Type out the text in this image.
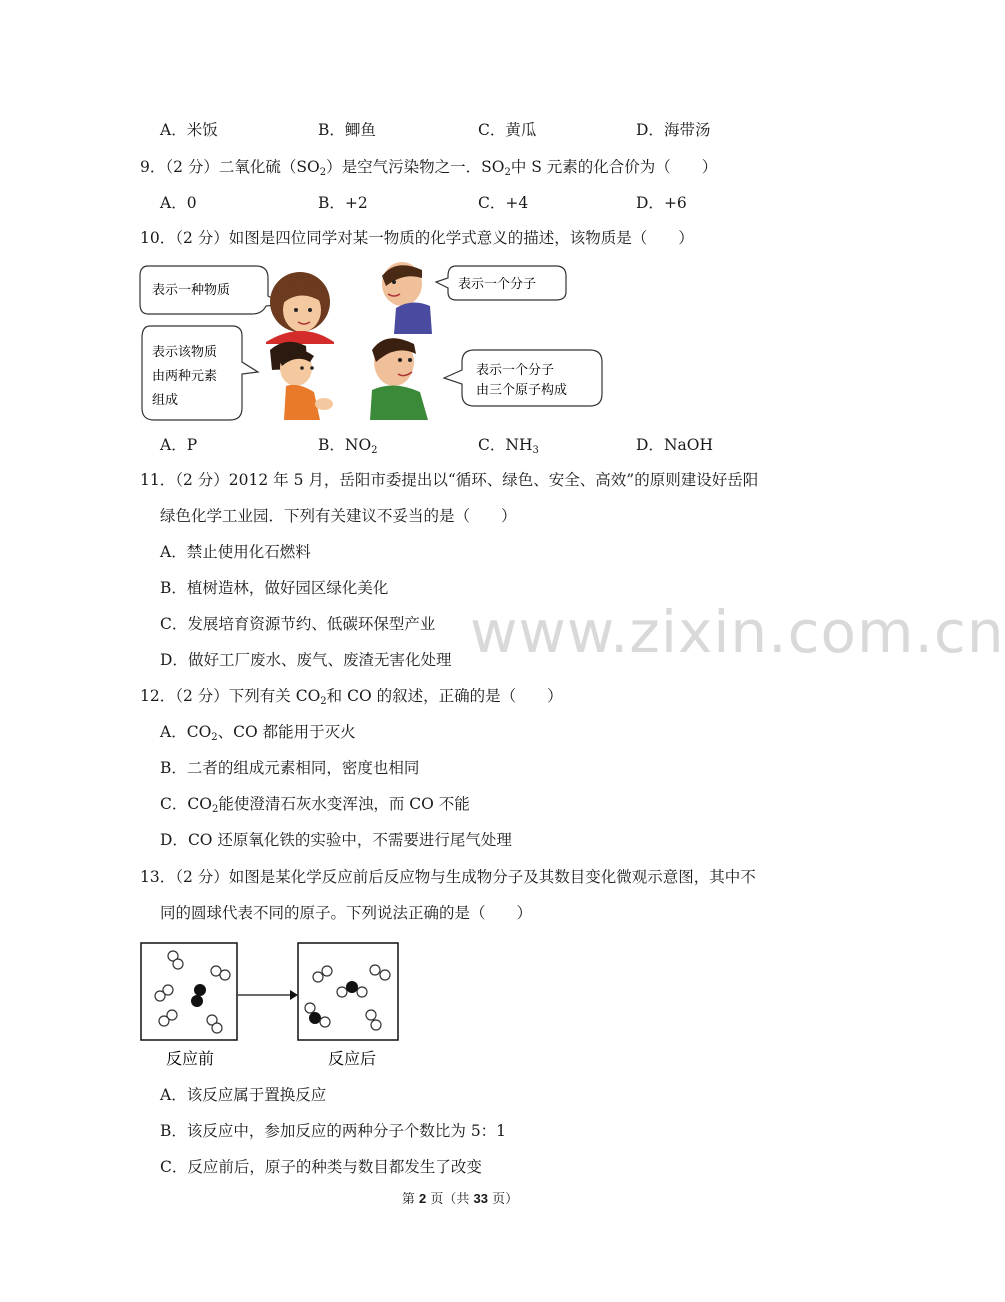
A．米饭	B．鲫鱼	C．黄瓜	D．海带汤
9．（2 分）二氧化硫$(SO_2)$是空气污染物之一．$SO_2$中 S 元素的化合价为（　　）
A．0	B．+2	C．+4	D．+6
10．（2 分）如图是四位同学对某一物质的化学式意义的描述，该物质是（　　）
表示一种物质	表示一个分子
表示该物质
由两种元素
组成
表示一个分子
由三个原子构成
A．P	B．$NO_2$	C．$NH_3$	D．NaOH
11．（2 分）2012 年 5 月，岳阳市委提出以“循环、绿色、安全、高效”的原则建设好岳阳
绿色化学工业园．下列有关建议不妥当的是（　　）
A．禁止使用化石燃料
B．植树造林，做好园区绿化美化
C．发展培育资源节约、低碳环保型产业
D．做好工厂废水、废气、废渣无害化处理 www.zixin.com.cn
12．（2 分）下列有关 $CO_2$和 CO 的叙述，正确的是（　　）
A．$CO_2$、CO 都能用于灭火
B．二者的组成元素相同，密度也相同
C．$CO_2$能使澄清石灰水变浑浊，而 CO 不能
D．CO 还原氧化铁的实验中，不需要进行尾气处理
13．（2 分）如图是某化学反应前后反应物与生成物分子及其数目变化微观示意图，其中不
同的圆球代表不同的原子。下列说法正确的是（　　）
反应前	反应后
A．该反应属于置换反应
B．该反应中，参加反应的两种分子个数比为 5：1
C．反应前后，原子的种类与数目都发生了改变
第 2 页（共 33 页）
